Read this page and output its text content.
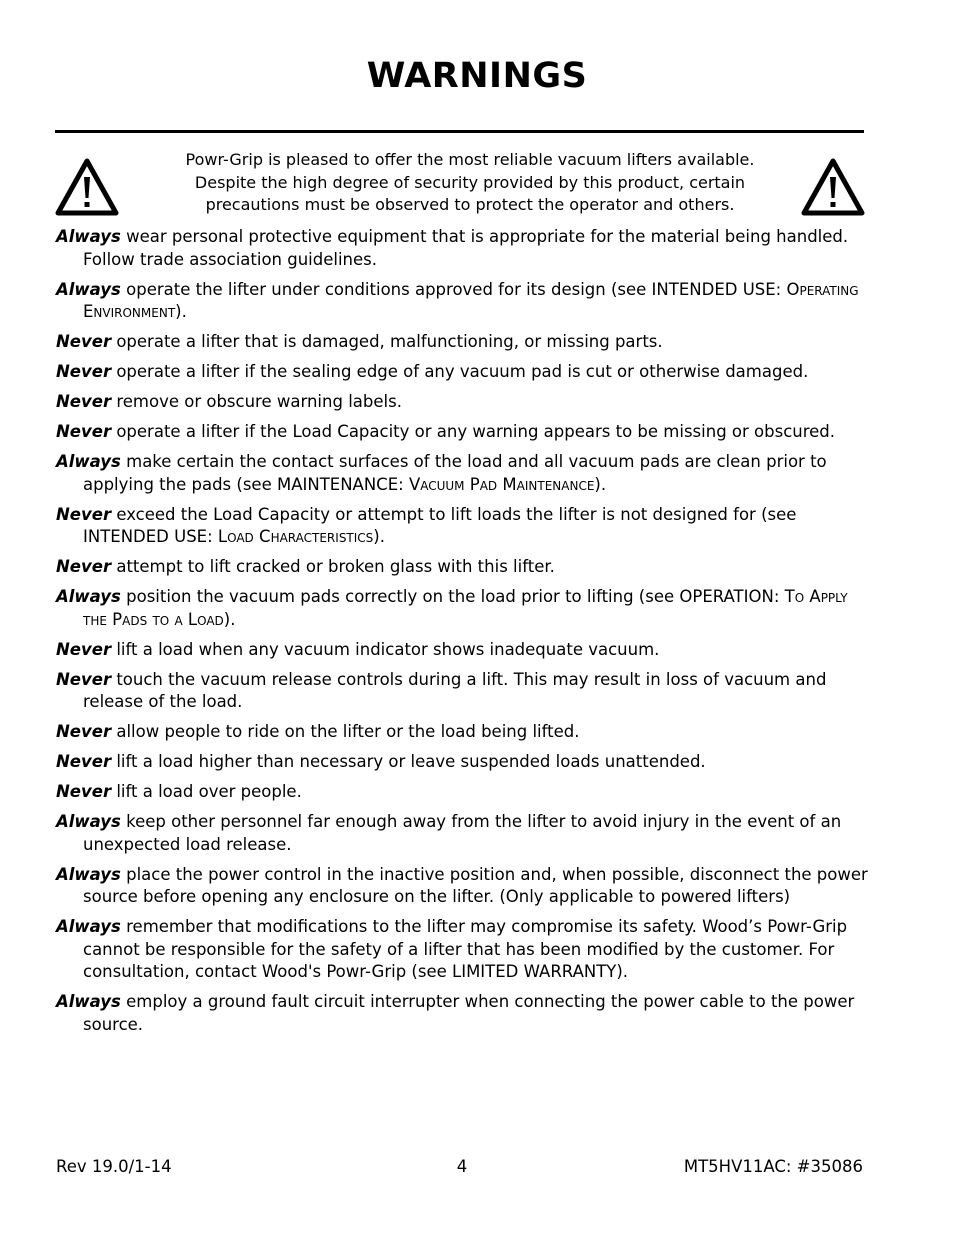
WARNINGS
Powr-Grip is pleased to offer the most reliable vacuum lifters available.
Despite the high degree of security provided by this product, certain
precautions must be observed to protect the operator and others.
Always wear personal protective equipment that is appropriate for the material being handled. Follow trade association guidelines.
Always operate the lifter under conditions approved for its design (see INTENDED USE: Operating Environment).
Never operate a lifter that is damaged, malfunctioning, or missing parts.
Never operate a lifter if the sealing edge of any vacuum pad is cut or otherwise damaged.
Never remove or obscure warning labels.
Never operate a lifter if the Load Capacity or any warning appears to be missing or obscured.
Always make certain the contact surfaces of the load and all vacuum pads are clean prior to applying the pads (see MAINTENANCE: Vacuum Pad Maintenance).
Never exceed the Load Capacity or attempt to lift loads the lifter is not designed for (see INTENDED USE: Load Characteristics).
Never attempt to lift cracked or broken glass with this lifter.
Always position the vacuum pads correctly on the load prior to lifting (see OPERATION: To Apply the Pads to a Load).
Never lift a load when any vacuum indicator shows inadequate vacuum.
Never touch the vacuum release controls during a lift. This may result in loss of vacuum and release of the load.
Never allow people to ride on the lifter or the load being lifted.
Never lift a load higher than necessary or leave suspended loads unattended.
Never lift a load over people.
Always keep other personnel far enough away from the lifter to avoid injury in the event of an unexpected load release.
Always place the power control in the inactive position and, when possible, disconnect the power source before opening any enclosure on the lifter. (Only applicable to powered lifters)
Always remember that modifications to the lifter may compromise its safety. Wood’s Powr-Grip cannot be responsible for the safety of a lifter that has been modified by the customer. For consultation, contact Wood's Powr-Grip (see LIMITED WARRANTY).
Always employ a ground fault circuit interrupter when connecting the power cable to the power source.
Rev 19.0/1-14	4	MT5HV11AC: #35086
